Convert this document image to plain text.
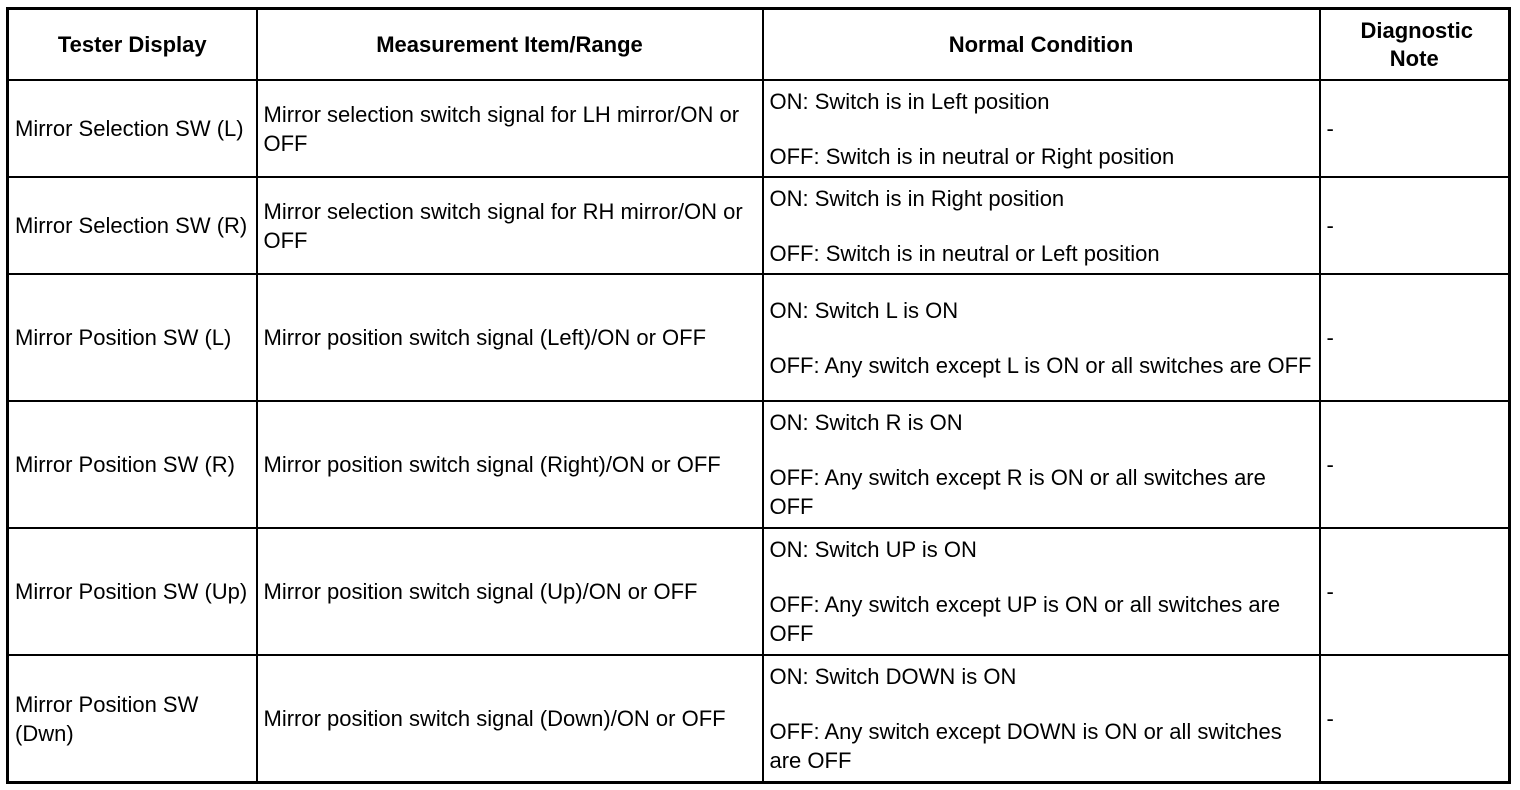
Tester Display	Measurement Item/Range	Normal Condition	Diagnostic Note
Mirror Selection SW (L)	Mirror selection switch signal for LH mirror/ON or OFF	ON: Switch is in Left position
OFF: Switch is in neutral or Right position	-
Mirror Selection SW (R)	Mirror selection switch signal for RH mirror/ON or OFF	ON: Switch is in Right position
OFF: Switch is in neutral or Left position	-
Mirror Position SW (L)	Mirror position switch signal (Left)/ON or OFF	ON: Switch L is ON
OFF: Any switch except L is ON or all switches are OFF	-
Mirror Position SW (R)	Mirror position switch signal (Right)/ON or OFF	ON: Switch R is ON
OFF: Any switch except R is ON or all switches are OFF	-
Mirror Position SW (Up)	Mirror position switch signal (Up)/ON or OFF	ON: Switch UP is ON
OFF: Any switch except UP is ON or all switches are OFF	-
Mirror Position SW (Dwn)	Mirror position switch signal (Down)/ON or OFF	ON: Switch DOWN is ON
OFF: Any switch except DOWN is ON or all switches are OFF	-
